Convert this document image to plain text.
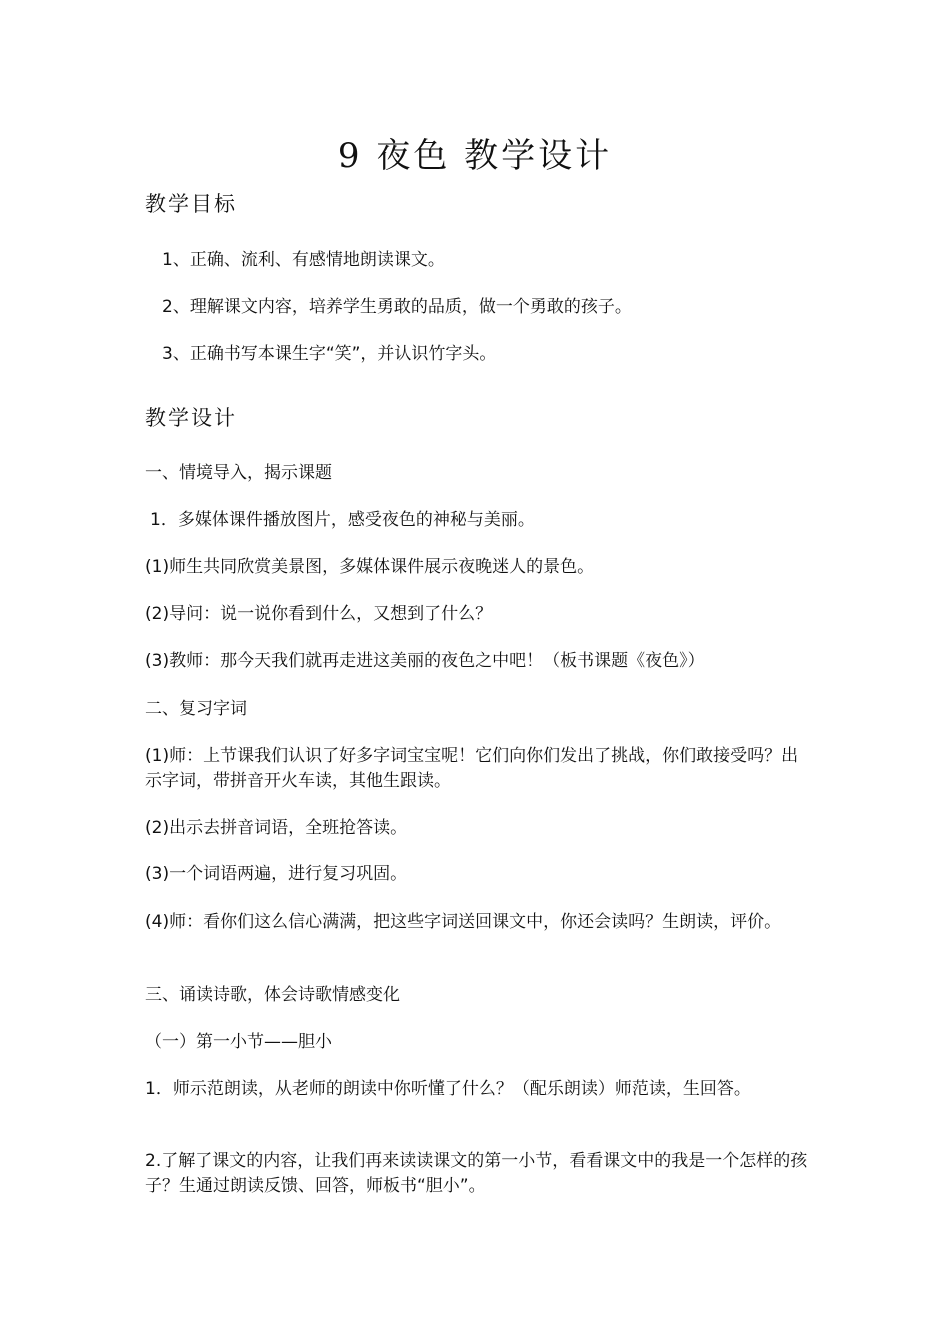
9 夜色 教学设计
教学目标

1、正确、流利、有感情地朗读课文。

2、理解课文内容，培养学生勇敢的品质，做一个勇敢的孩子。

3、正确书写本课生字“笑”，并认识竹字头。

教学设计

一、情境导入，揭示课题

1．多媒体课件播放图片，感受夜色的神秘与美丽。

(1)师生共同欣赏美景图，多媒体课件展示夜晚迷人的景色。

(2)导问：说一说你看到什么，又想到了什么？

(3)教师：那今天我们就再走进这美丽的夜色之中吧！（板书课题《夜色》）

二、复习字词

(1)师：上节课我们认识了好多字词宝宝呢！它们向你们发出了挑战，你们敢接受吗？出示字词，带拼音开火车读，其他生跟读。

(2)出示去拼音词语，全班抢答读。

(3)一个词语两遍，进行复习巩固。

(4)师：看你们这么信心满满，把这些字词送回课文中，你还会读吗？生朗读，评价。

三、诵读诗歌，体会诗歌情感变化

（一）第一小节——胆小

1．师示范朗读，从老师的朗读中你听懂了什么？（配乐朗读）师范读，生回答。

2.了解了课文的内容，让我们再来读读课文的第一小节，看看课文中的我是一个怎样的孩子？生通过朗读反馈、回答，师板书“胆小”。
